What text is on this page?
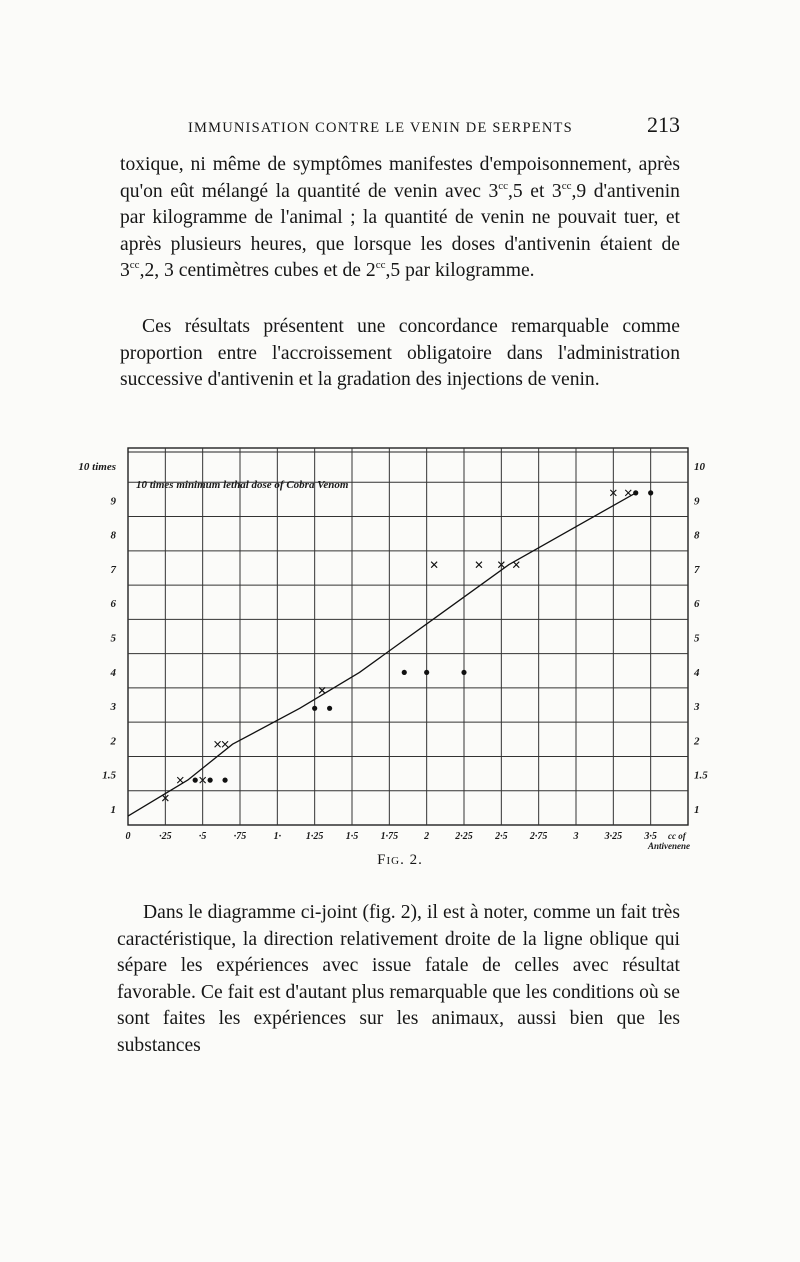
IMMUNISATION CONTRE LE VENIN DE SERPENTS	213

toxique, ni même de symptômes manifestes d'empoisonnement, après qu'on eût mélangé la quantité de venin avec $3^{cc},5$ et $3^{cc},9$ d'antivenin par kilogramme de l'animal ; la quantité de venin ne pouvait tuer, et après plusieurs heures, que lorsque les doses d'antivenin étaient de $3^{cc},2$, 3 centimètres cubes et de $2^{cc},5$ par kilogramme.

Ces résultats présentent une concordance remarquable comme proportion entre l'accroissement obligatoire dans l'administration successive d'antivenin et la gradation des injections de venin.

1	1
1.5	1.5
2	2
3	3
4	4
5	5
6	6
7	7
8	8
9	9
10 times	10
0	·25	·5	·75	1· 1·25 1·5 1·75	2	2·25 2·5 2·75	3	3·25 3·5 cc of
Antivenene
10 times minimum lethal dose of Cobra Venom
Fig. 2.

Dans le diagramme ci-joint (fig. 2), il est à noter, comme un fait très caractéristique, la direction relativement droite de la ligne oblique qui sépare les expériences avec issue fatale de celles avec résultat favorable. Ce fait est d'autant plus remarquable que les conditions où se sont faites les expériences sur les animaux, aussi bien que les substances
